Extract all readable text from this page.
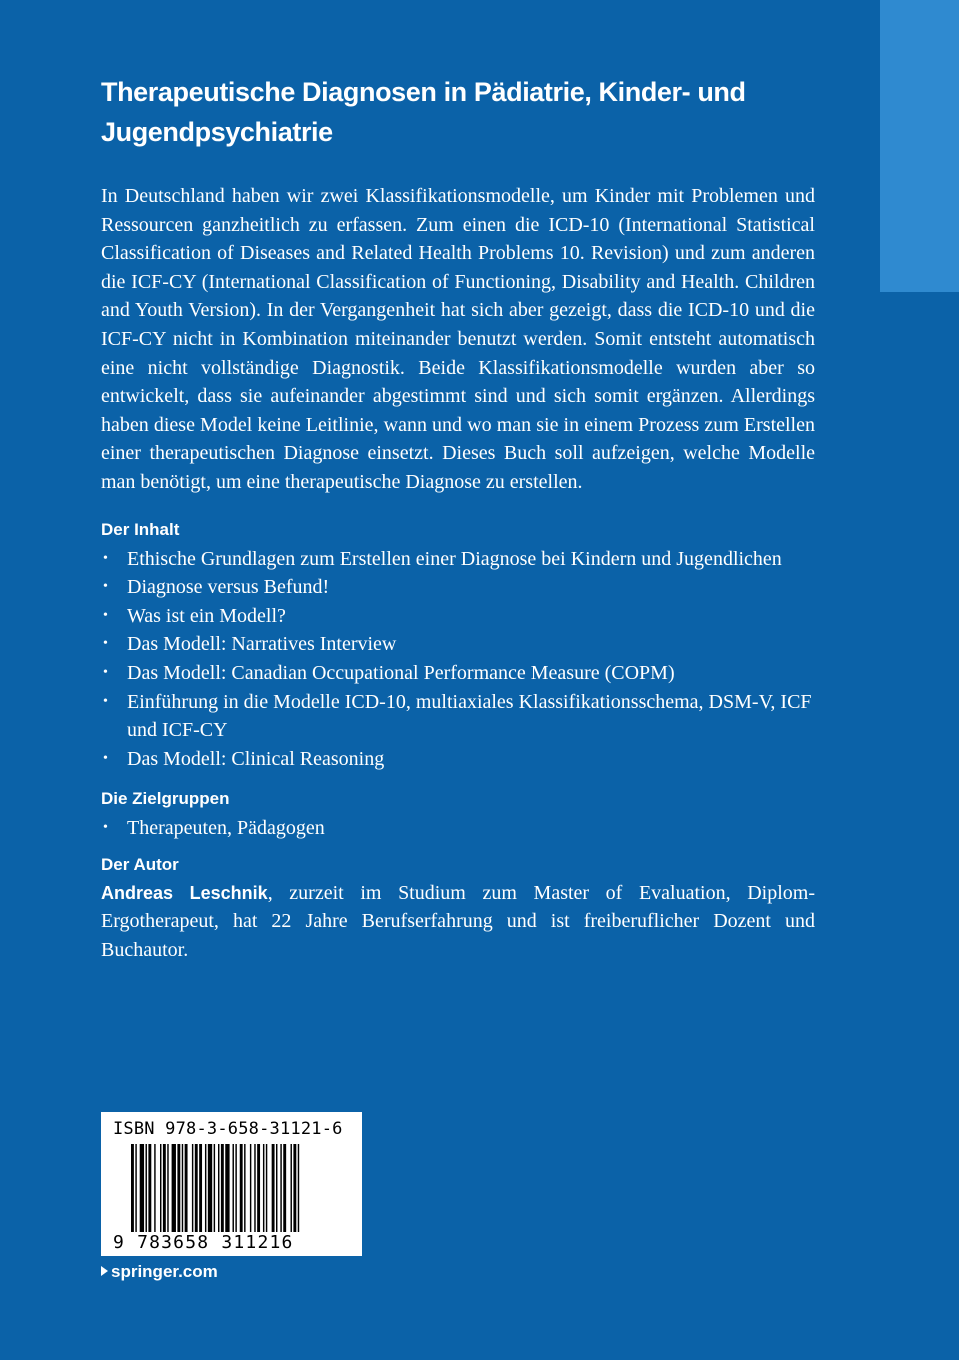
Therapeutische Diagnosen in Pädiatrie, Kinder- und Jugendpsychiatrie

In Deutschland haben wir zwei Klassifikationsmodelle, um Kinder mit Problemen und Ressourcen ganzheitlich zu erfassen. Zum einen die ICD-10 (International Statistical Classification of Diseases and Related Health Problems 10. Revision) und zum anderen die ICF-CY (International Classification of Functioning, Disability and Health. Children and Youth Version). In der Vergangenheit hat sich aber gezeigt, dass die ICD-10 und die ICF-CY nicht in Kombination miteinander benutzt werden. Somit entsteht automatisch eine nicht vollständige Diagnostik. Beide Klassifikationsmodelle wurden aber so entwickelt, dass sie aufeinander abgestimmt sind und sich somit ergänzen. Allerdings haben diese Model keine Leitlinie, wann und wo man sie in einem Prozess zum Erstellen einer therapeutischen Diagnose einsetzt. Dieses Buch soll aufzeigen, welche Modelle man benötigt, um eine therapeutische Diagnose zu erstellen.

Der Inhalt
• Ethische Grundlagen zum Erstellen einer Diagnose bei Kindern und Jugendlichen
• Diagnose versus Befund!
• Was ist ein Modell?
• Das Modell: Narratives Interview
• Das Modell: Canadian Occupational Performance Measure (COPM)
• Einführung in die Modelle ICD-10, multiaxiales Klassifikationsschema, DSM-V, ICF und ICF-CY
• Das Modell: Clinical Reasoning
Die Zielgruppen
• Therapeuten, Pädagogen
Der Autor

Andreas Leschnik, zurzeit im Studium zum Master of Evaluation, Diplom-Ergotherapeut, hat 22 Jahre Berufserfahrung und ist freiberuflicher Dozent und Buchautor.

ISBN 978-3-658-31121-6
9 783658 311216
springer.com
